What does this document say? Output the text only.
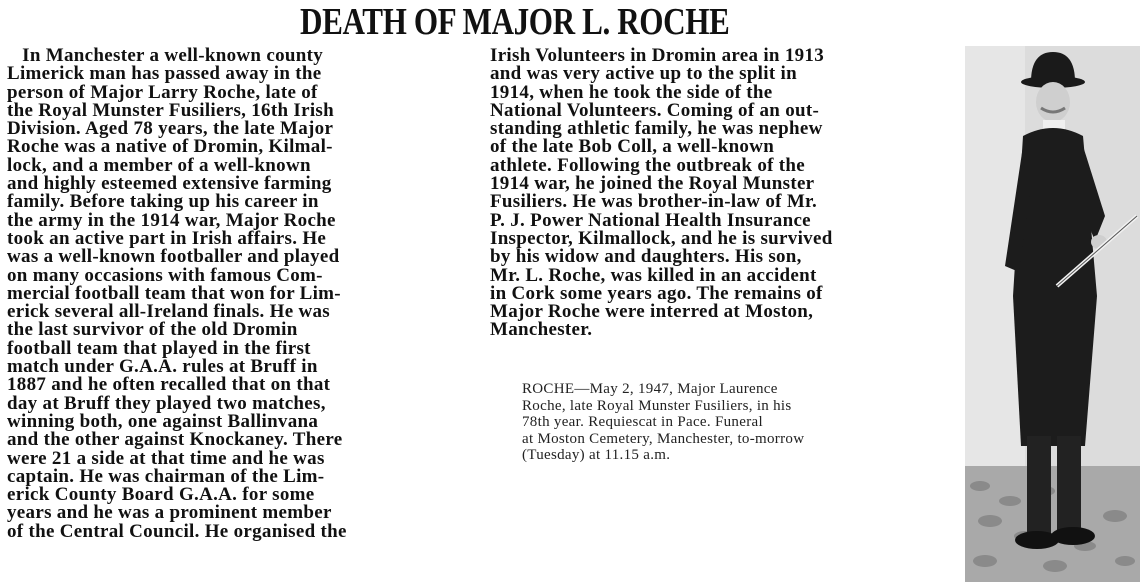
DEATH OF MAJOR L. ROCHE
In Manchester a well-known county
Limerick man has passed away in the
person of Major Larry Roche, late of
the Royal Munster Fusiliers, 16th Irish
Division. Aged 78 years, the late Major
Roche was a native of Dromin, Kilmal-
lock, and a member of a well-known
and highly esteemed extensive farming
family. Before taking up his career in
the army in the 1914 war, Major Roche
took an active part in Irish affairs. He
was a well-known footballer and played
on many occasions with famous Com-
mercial football team that won for Lim-
erick several all-Ireland finals. He was
the last survivor of the old Dromin
football team that played in the first
match under G.A.A. rules at Bruff in
1887 and he often recalled that on that
day at Bruff they played two matches,
winning both, one against Ballinvana
and the other against Knockaney. There
were 21 a side at that time and he was
captain. He was chairman of the Lim-
erick County Board G.A.A. for some
years and he was a prominent member
of the Central Council. He organised the
Irish Volunteers in Dromin area in 1913
and was very active up to the split in
1914, when he took the side of the
National Volunteers. Coming of an out-
standing athletic family, he was nephew
of the late Bob Coll, a well-known
athlete. Following the outbreak of the
1914 war, he joined the Royal Munster
Fusiliers. He was brother-in-law of Mr.
P. J. Power National Health Insurance
Inspector, Kilmallock, and he is survived
by his widow and daughters. His son,
Mr. L. Roche, was killed in an accident
in Cork some years ago. The remains of
Major Roche were interred at Moston,
Manchester.
ROCHE—May 2, 1947, Major Laurence
Roche, late Royal Munster Fusiliers, in his
78th year. Requiescat in Pace. Funeral
at Moston Cemetery, Manchester, to-morrow
(Tuesday) at 11.15 a.m.
